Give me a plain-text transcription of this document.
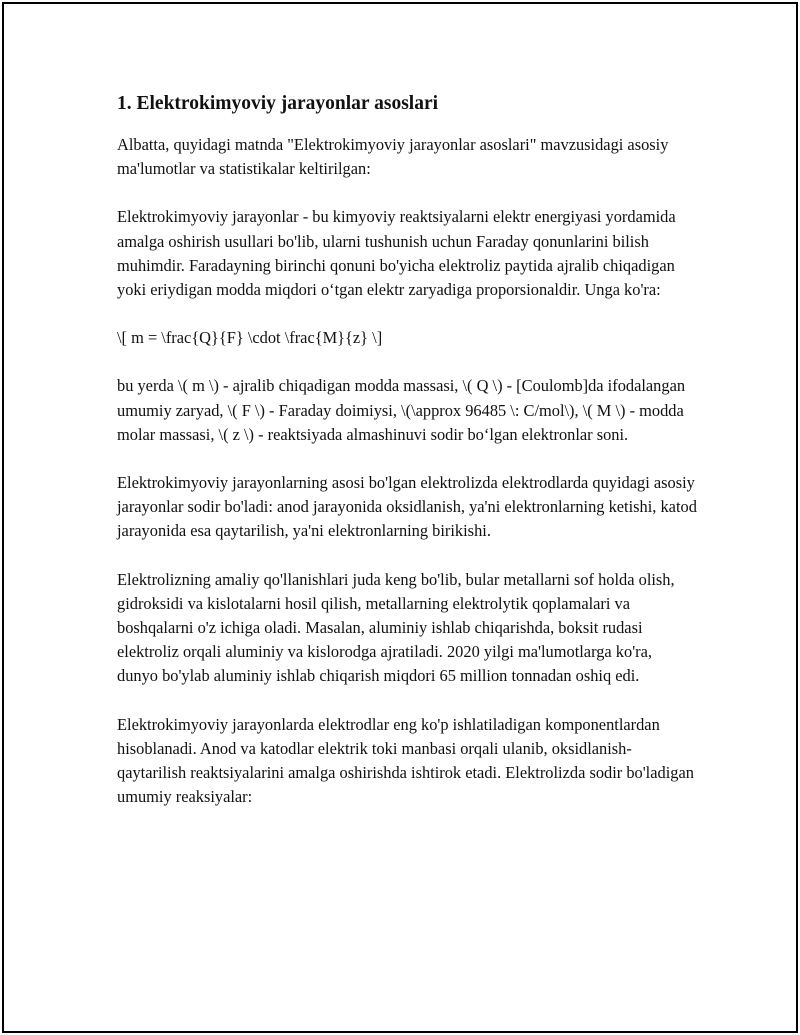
1. Elektrokimyoviy jarayonlar asoslari

Albatta, quyidagi matnda "Elektrokimyoviy jarayonlar asoslari" mavzusidagi asosiy ma'lumotlar va statistikalar keltirilgan:

Elektrokimyoviy jarayonlar - bu kimyoviy reaktsiyalarni elektr energiyasi yordamida amalga oshirish usullari bo'lib, ularni tushunish uchun Faraday qonunlarini bilish muhimdir. Faradayning birinchi qonuni bo'yicha elektroliz paytida ajralib chiqadigan yoki eriydigan modda miqdori o‘tgan elektr zaryadiga proporsionaldir. Unga ko'ra:

\[ m = \frac{Q}{F} \cdot \frac{M}{z} \]

bu yerda \( m \) - ajralib chiqadigan modda massasi, \( Q \) - [Coulomb]da ifodalangan umumiy zaryad, \( F \) - Faraday doimiysi, \(\approx 96485 \: C/mol\), \( M \) - modda molar massasi, \( z \) - reaktsiyada almashinuvi sodir bo‘lgan elektronlar soni.

Elektrokimyoviy jarayonlarning asosi bo'lgan elektrolizda elektrodlarda quyidagi asosiy jarayonlar sodir bo'ladi: anod jarayonida oksidlanish, ya'ni elektronlarning ketishi, katod jarayonida esa qaytarilish, ya'ni elektronlarning birikishi.

Elektrolizning amaliy qo'llanishlari juda keng bo'lib, bular metallarni sof holda olish, gidroksidi va kislotalarni hosil qilish, metallarning elektrolytik qoplamalari va boshqalarni o'z ichiga oladi. Masalan, aluminiy ishlab chiqarishda, boksit rudasi elektroliz orqali aluminiy va kislorodga ajratiladi. 2020 yilgi ma'lumotlarga ko'ra, dunyo bo'ylab aluminiy ishlab chiqarish miqdori 65 million tonnadan oshiq edi.

Elektrokimyoviy jarayonlarda elektrodlar eng ko'p ishlatiladigan komponentlardan hisoblanadi. Anod va katodlar elektrik toki manbasi orqali ulanib, oksidlanish-qaytarilish reaktsiyalarini amalga oshirishda ishtirok etadi. Elektrolizda sodir bo'ladigan umumiy reaksiyalar:
